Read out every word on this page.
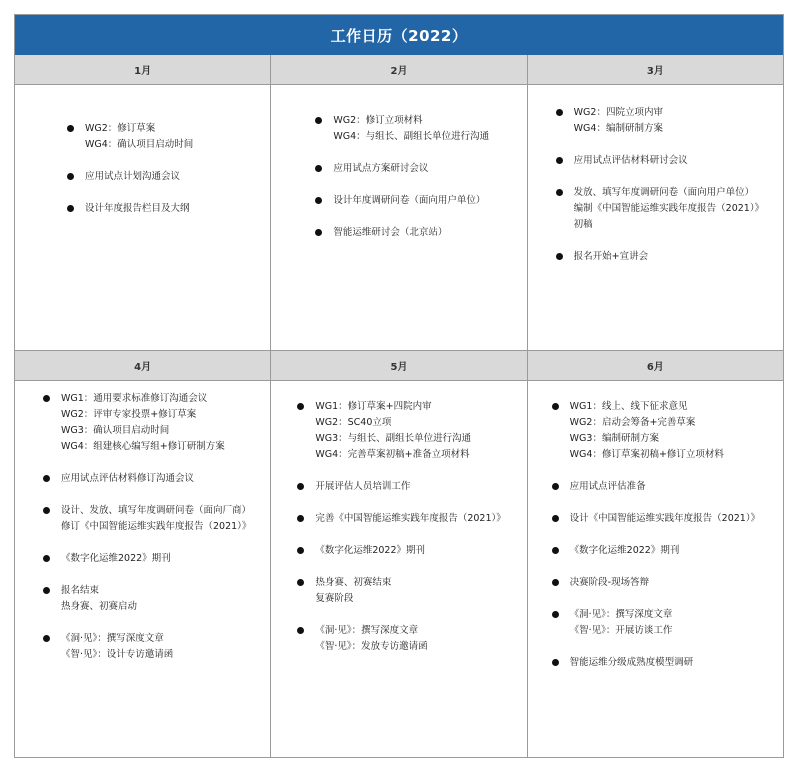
工作日历（2022）
1月
WG2：修订草案
WG4：确认项目启动时间
应用试点计划沟通会议
设计年度报告栏目及大纲
2月
WG2：修订立项材料
WG4：与组长、副组长单位进行沟通
应用试点方案研讨会议
设计年度调研问卷（面向用户单位）
智能运维研讨会（北京站）
3月
WG2：四院立项内审
WG4：编制研制方案
应用试点评估材料研讨会议
发放、填写年度调研问卷（面向用户单位）
编制《中国智能运维实践年度报告（2021）》
初稿
报名开始+宣讲会
4月
WG1：通用要求标准修订沟通会议
WG2：评审专家投票+修订草案
WG3：确认项目启动时间
WG4：组建核心编写组+修订研制方案
应用试点评估材料修订沟通会议
设计、发放、填写年度调研问卷（面向厂商）
修订《中国智能运维实践年度报告（2021）》
《数字化运维2022》期刊
报名结束
热身赛、初赛启动
《洞·见》：撰写深度文章
《智·见》：设计专访邀请函
5月
WG1：修订草案+四院内审
WG2：SC40立项
WG3：与组长、副组长单位进行沟通
WG4：完善草案初稿+准备立项材料
开展评估人员培训工作
完善《中国智能运维实践年度报告（2021）》
《数字化运维2022》期刊
热身赛、初赛结束
复赛阶段
《洞·见》：撰写深度文章
《智·见》：发放专访邀请函
6月
WG1：线上、线下征求意见
WG2：启动会筹备+完善草案
WG3：编制研制方案
WG4：修订草案初稿+修订立项材料
应用试点评估准备
设计《中国智能运维实践年度报告（2021）》
《数字化运维2022》期刊
决赛阶段-现场答辩
《洞·见》：撰写深度文章
《智·见》：开展访谈工作
智能运维分级成熟度模型调研
